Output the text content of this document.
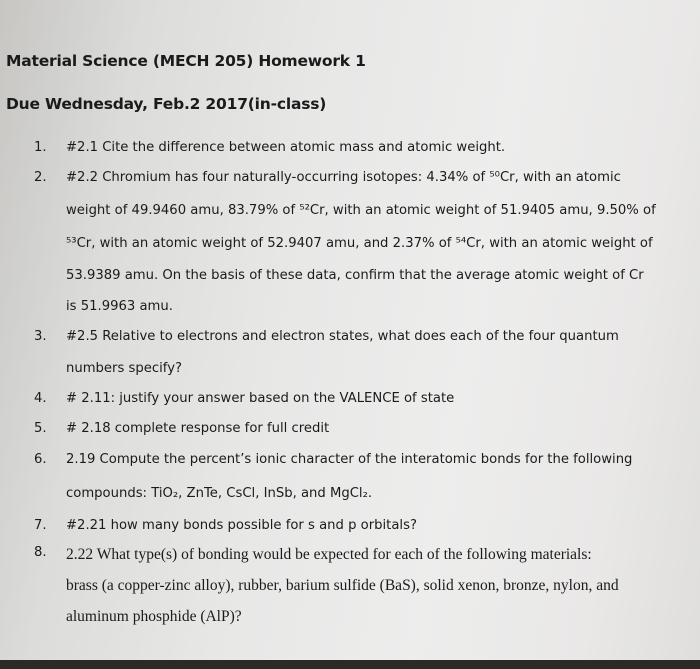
Material Science (MECH 205) Homework 1
Due Wednesday, Feb.2 2017(in-class)
1. #2.1 Cite the difference between atomic mass and atomic weight.
2. #2.2 Chromium has four naturally-occurring isotopes: 4.34% of ⁵⁰Cr, with an atomic
weight of 49.9460 amu, 83.79% of ⁵²Cr, with an atomic weight of 51.9405 amu, 9.50% of
⁵³Cr, with an atomic weight of 52.9407 amu, and 2.37% of ⁵⁴Cr, with an atomic weight of
53.9389 amu. On the basis of these data, confirm that the average atomic weight of Cr
is 51.9963 amu.
3. #2.5 Relative to electrons and electron states, what does each of the four quantum
numbers specify?
4. # 2.11: justify your answer based on the VALENCE of state
5. # 2.18 complete response for full credit
6. 2.19 Compute the percent’s ionic character of the interatomic bonds for the following
compounds: TiO₂, ZnTe, CsCl, InSb, and MgCl₂.
7. #2.21 how many bonds possible for s and p orbitals?
8. 2.22 What type(s) of bonding would be expected for each of the following materials:
brass (a copper-zinc alloy), rubber, barium sulfide (BaS), solid xenon, bronze, nylon, and
aluminum phosphide (AlP)?
